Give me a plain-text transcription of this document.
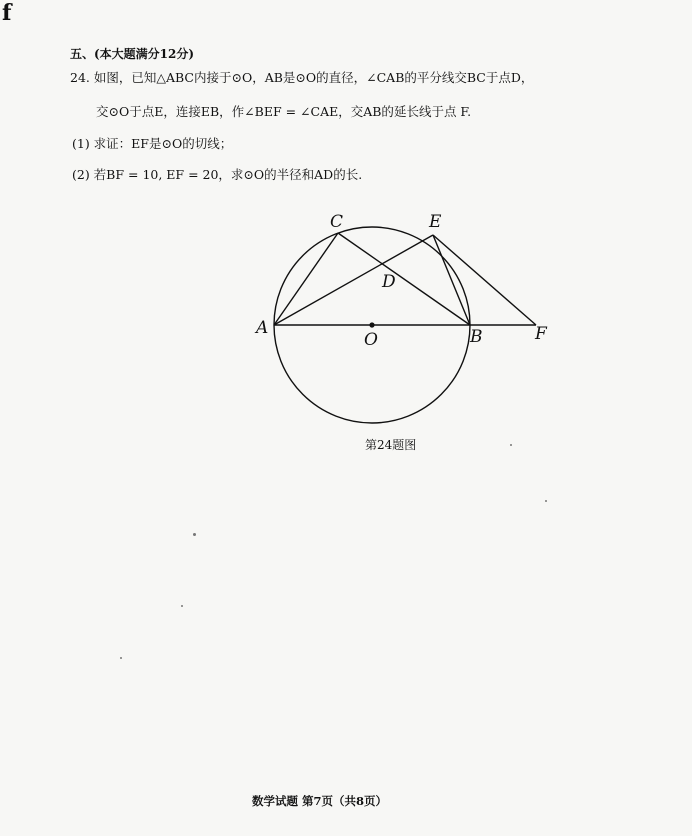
f
五、(本大题满分12分)
24. 如图，已知△ABC内接于⊙O，AB是⊙O的直径，∠CAB的平分线交BC于点D，
交⊙O于点E，连接EB，作∠BEF = ∠CAE，交AB的延长线于点 F.
(1) 求证：EF是⊙O的切线；
(2) 若BF = 10, EF = 20，求⊙O的半径和AD的长.
A	B
C
D
E
F
O
第24题图
数学试题 第7页（共8页）
